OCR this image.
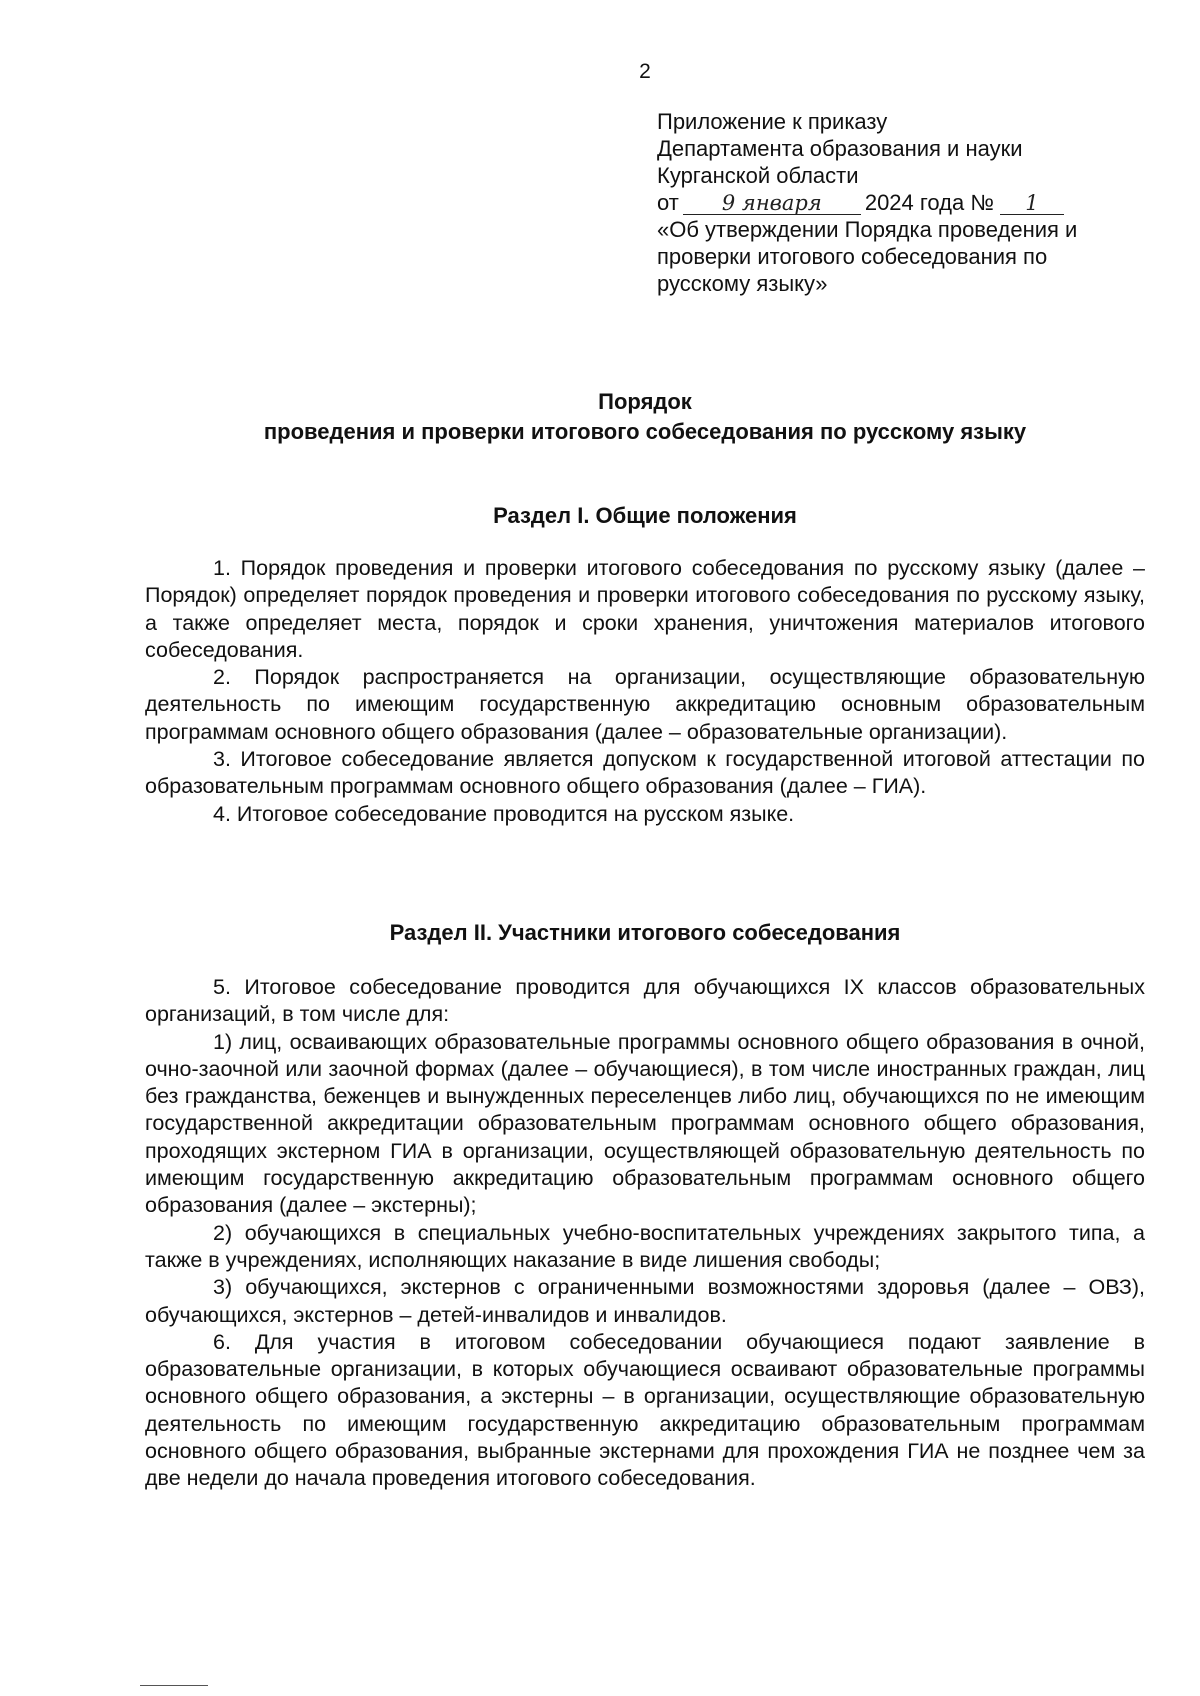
2
Приложение к приказу
Департамента образования и науки
Курганской области
от 9 января 2024 года № 1
«Об утверждении Порядка проведения и
проверки итогового собеседования по
русскому языку»
Порядок
проведения и проверки итогового собеседования по русскому языку
Раздел I. Общие положения

1. Порядок проведения и проверки итогового собеседования по русскому языку (далее – Порядок) определяет порядок проведения и проверки итогового собеседования по русскому языку, а также определяет места, порядок и сроки хранения, уничтожения материалов итогового собеседования.

2. Порядок распространяется на организации, осуществляющие образовательную деятельность по имеющим государственную аккредитацию основным образовательным программам основного общего образования (далее – образовательные организации).

3. Итоговое собеседование является допуском к государственной итоговой аттестации по образовательным программам основного общего образования (далее – ГИА).

4. Итоговое собеседование проводится на русском языке.

Раздел II. Участники итогового собеседования

5. Итоговое собеседование проводится для обучающихся IX классов образовательных организаций, в том числе для:

1) лиц, осваивающих образовательные программы основного общего образования в очной, очно-заочной или заочной формах (далее – обучающиеся), в том числе иностранных граждан, лиц без гражданства, беженцев и вынужденных переселенцев либо лиц, обучающихся по не имеющим государственной аккредитации образовательным программам основного общего образования, проходящих экстерном ГИА в организации, осуществляющей образовательную деятельность по имеющим государственную аккредитацию образовательным программам основного общего образования (далее – экстерны);

2) обучающихся в специальных учебно-воспитательных учреждениях закрытого типа, а также в учреждениях, исполняющих наказание в виде лишения свободы;

3) обучающихся, экстернов с ограниченными возможностями здоровья (далее – ОВЗ), обучающихся, экстернов – детей-инвалидов и инвалидов.

6. Для участия в итоговом собеседовании обучающиеся подают заявление в образовательные организации, в которых обучающиеся осваивают образовательные программы основного общего образования, а экстерны – в организации, осуществляющие образовательную деятельность по имеющим государственную аккредитацию образовательным программам основного общего образования, выбранные экстернами для прохождения ГИА не позднее чем за две недели до начала проведения итогового собеседования.
